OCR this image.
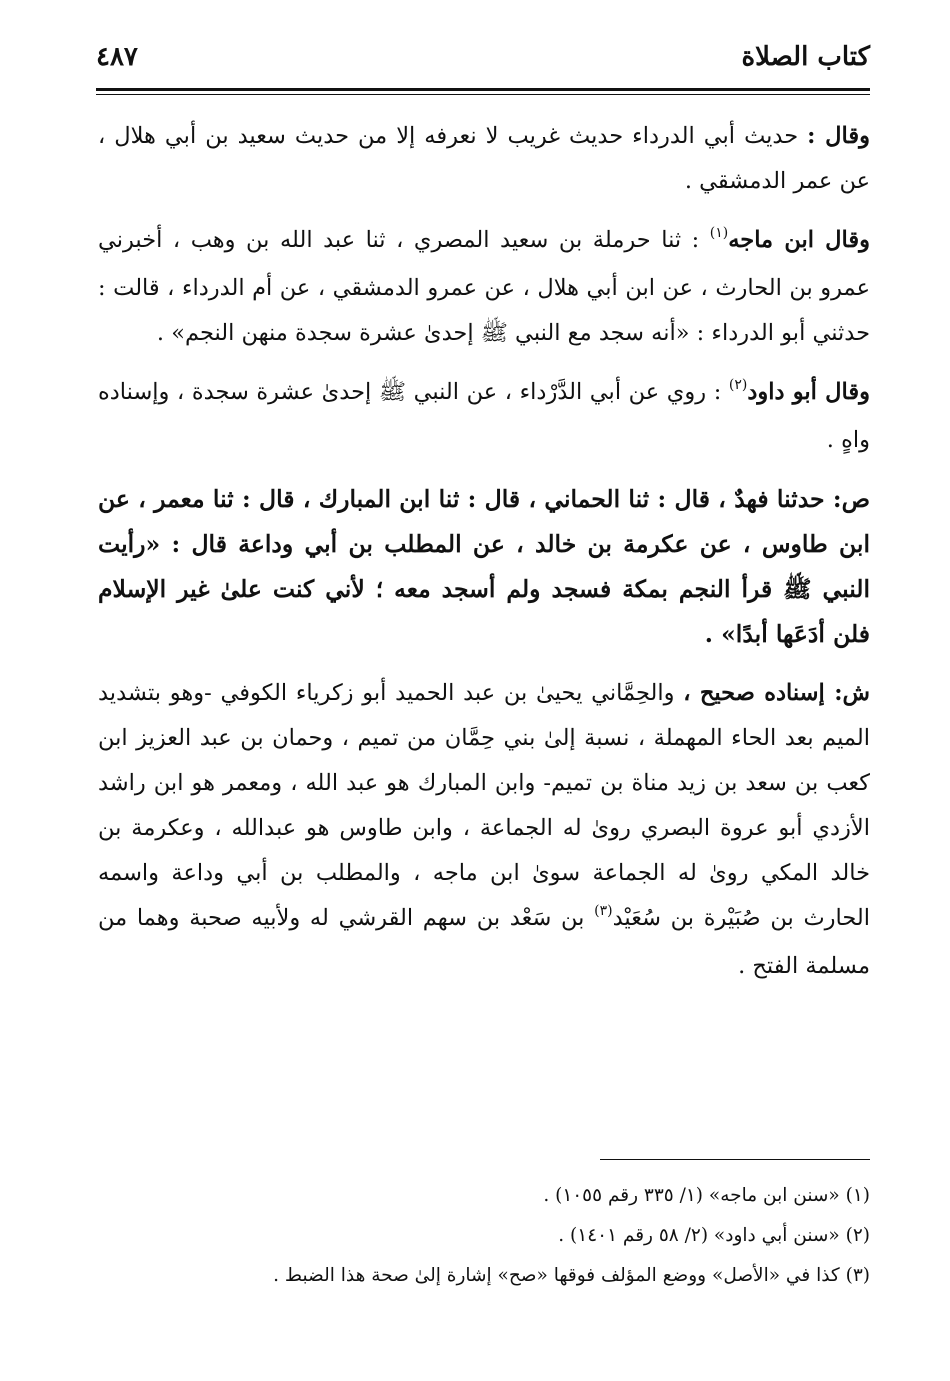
كتاب الصلاة
٤٨٧

وقال : حديث أبي الدرداء حديث غريب لا نعرفه إلا من حديث سعيد بن أبي هلال ، عن عمر الدمشقي .

وقال ابن ماجه$^{(١)}$ : ثنا حرملة بن سعيد المصري ، ثنا عبد الله بن وهب ، أخبرني عمرو بن الحارث ، عن ابن أبي هلال ، عن عمرو الدمشقي ، عن أم الدرداء ، قالت : حدثني أبو الدرداء : «أنه سجد مع النبي ﷺ إحدىٰ عشرة سجدة منهن النجم» .

وقال أبو داود$^{(٢)}$ : روي عن أبي الدَّرْداء ، عن النبي ﷺ إحدىٰ عشرة سجدة ، وإسناده واهٍ .

ص: حدثنا فهدٌ ، قال : ثنا الحماني ، قال : ثنا ابن المبارك ، قال : ثنا معمر ، عن ابن طاوس ، عن عكرمة بن خالد ، عن المطلب بن أبي وداعة قال : «رأيت النبي ﷺ قرأ النجم بمكة فسجد ولم أسجد معه ؛ لأني كنت علىٰ غير الإسلام فلن أدَعَها أبدًا» .

ش: إسناده صحيح ، والحِمَّاني يحيىٰ بن عبد الحميد أبو زكرياء الكوفي -وهو بتشديد الميم بعد الحاء المهملة ، نسبة إلىٰ بني حِمَّان من تميم ، وحمان بن عبد العزيز ابن كعب بن سعد بن زيد مناة بن تميم- وابن المبارك هو عبد الله ، ومعمر هو ابن راشد الأزدي أبو عروة البصري روىٰ له الجماعة ، وابن طاوس هو عبدالله ، وعكرمة بن خالد المكي روىٰ له الجماعة سوىٰ ابن ماجه ، والمطلب بن أبي وداعة واسمه الحارث بن صُبَيْرة بن سُعَيْد$^{(٣)}$ بن سَعْد بن سهم القرشي له ولأبيه صحبة وهما من مسلمة الفتح .

(١) «سنن ابن ماجه» (١/ ٣٣٥ رقم ١٠٥٥) .

(٢) «سنن أبي داود» (٢/ ٥٨ رقم ١٤٠١) .

(٣) كذا في «الأصل» ووضع المؤلف فوقها «صح» إشارة إلىٰ صحة هذا الضبط .
